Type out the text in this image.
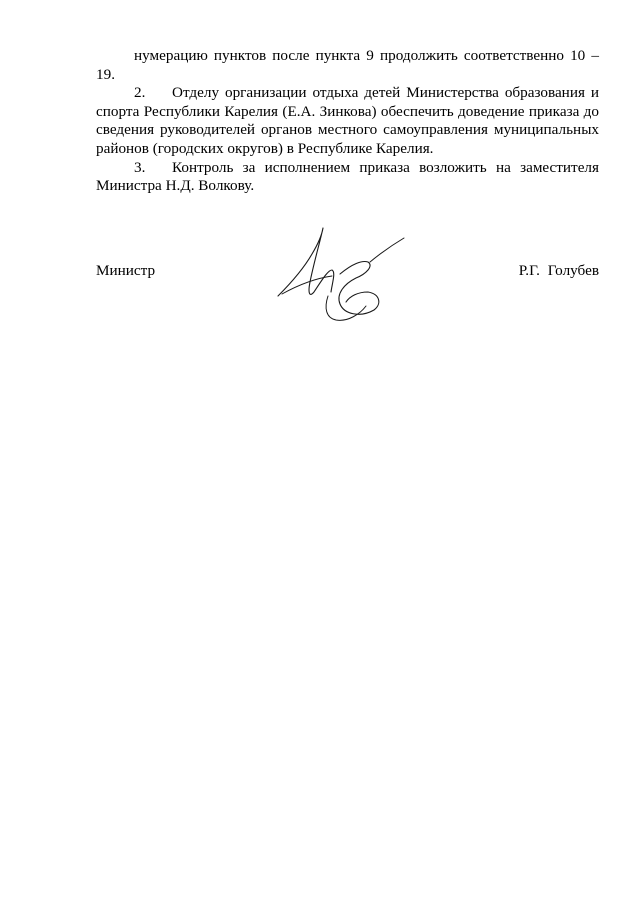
нумерацию пунктов после пункта 9 продолжить соответственно 10 – 19.

2. Отделу организации отдыха детей Министерства образования и спорта Республики Карелия (Е.А. Зинкова) обеспечить доведение приказа до сведения руководителей органов местного самоуправления муниципальных районов (городских округов) в Республике Карелия.

3. Контроль за исполнением приказа возложить на заместителя Министра Н.Д. Волкову.

Министр	Р.Г. Голубев
